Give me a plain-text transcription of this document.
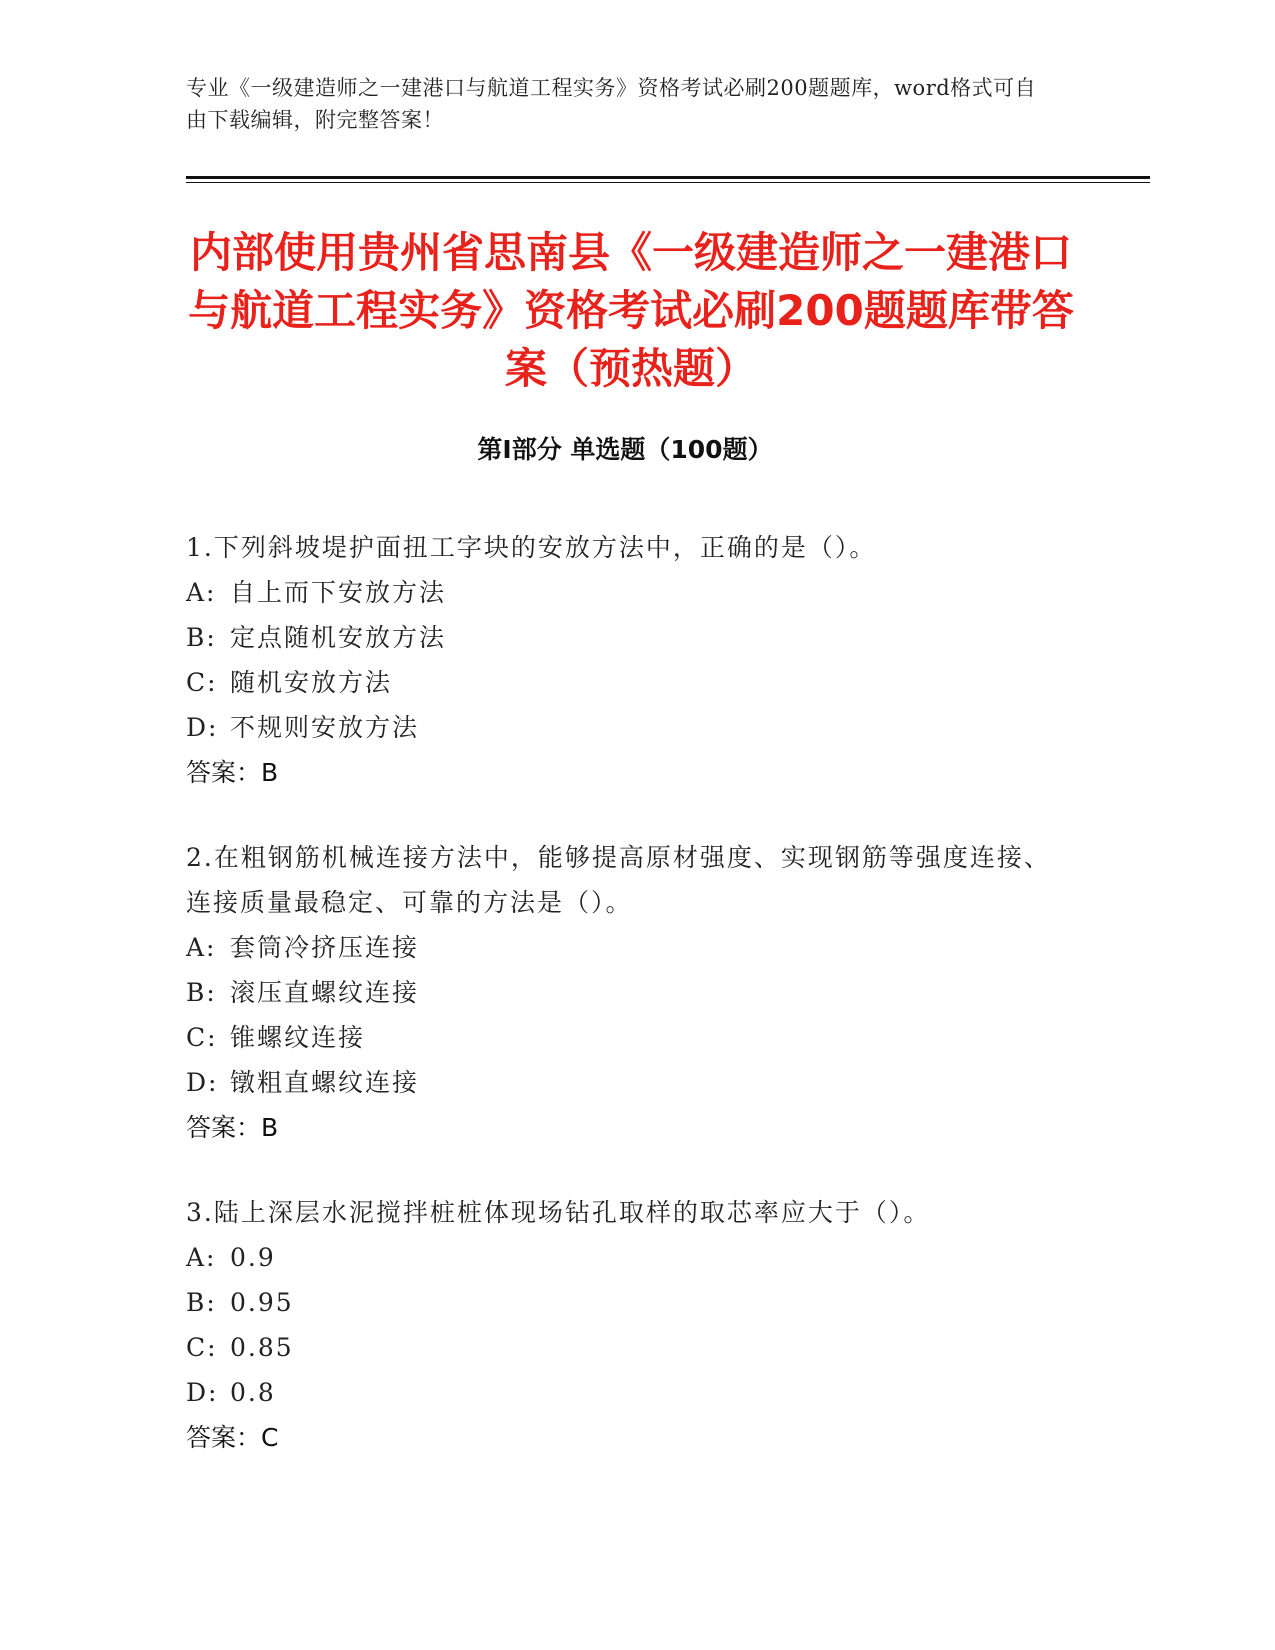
专业《一级建造师之一建港口与航道工程实务》资格考试必刷200题题库，word格式可自由下载编辑，附完整答案！
内部使用贵州省思南县《一级建造师之一建港口与航道工程实务》资格考试必刷200题题库带答案（预热题）
第Ⅰ部分 单选题（100题）

1.下列斜坡堤护面扭工字块的安放方法中，正确的是（）。

A: 自上而下安放方法

B: 定点随机安放方法

C: 随机安放方法

D: 不规则安放方法

答案：B

2.在粗钢筋机械连接方法中，能够提高原材强度、实现钢筋等强度连接、连接质量最稳定、可靠的方法是（）。

A: 套筒冷挤压连接

B: 滚压直螺纹连接

C: 锥螺纹连接

D: 镦粗直螺纹连接

答案：B

3.陆上深层水泥搅拌桩桩体现场钻孔取样的取芯率应大于（）。

A: 0.9

B: 0.95

C: 0.85

D: 0.8

答案：C
